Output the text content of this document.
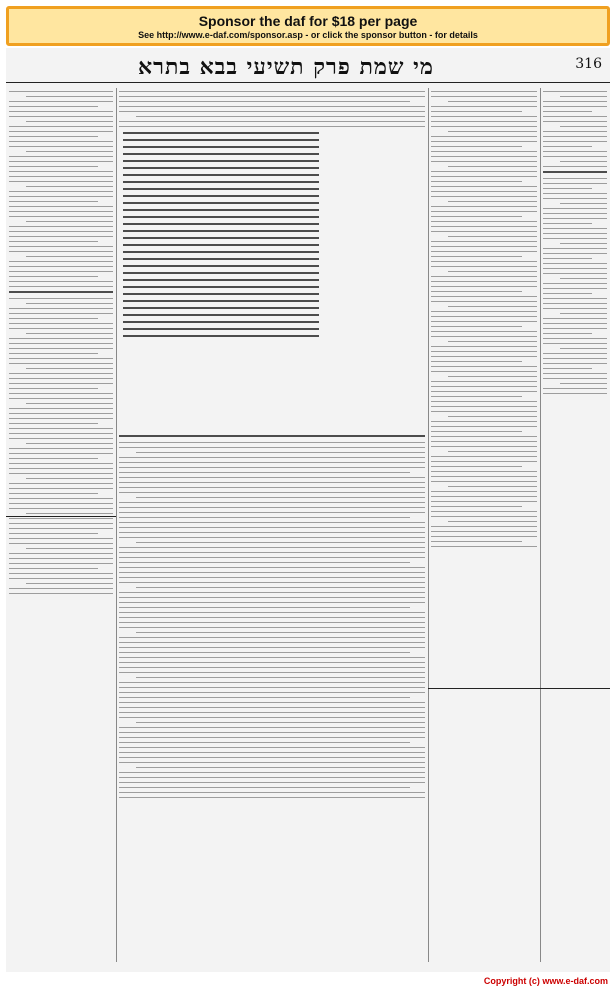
Sponsor the daf for $18 per page
See http://www.e-daf.com/sponsor.asp - or click the sponsor button - for details
316
מי שמת פרק תשיעי בבא בתרא
Copyright (c) www.e-daf.com
